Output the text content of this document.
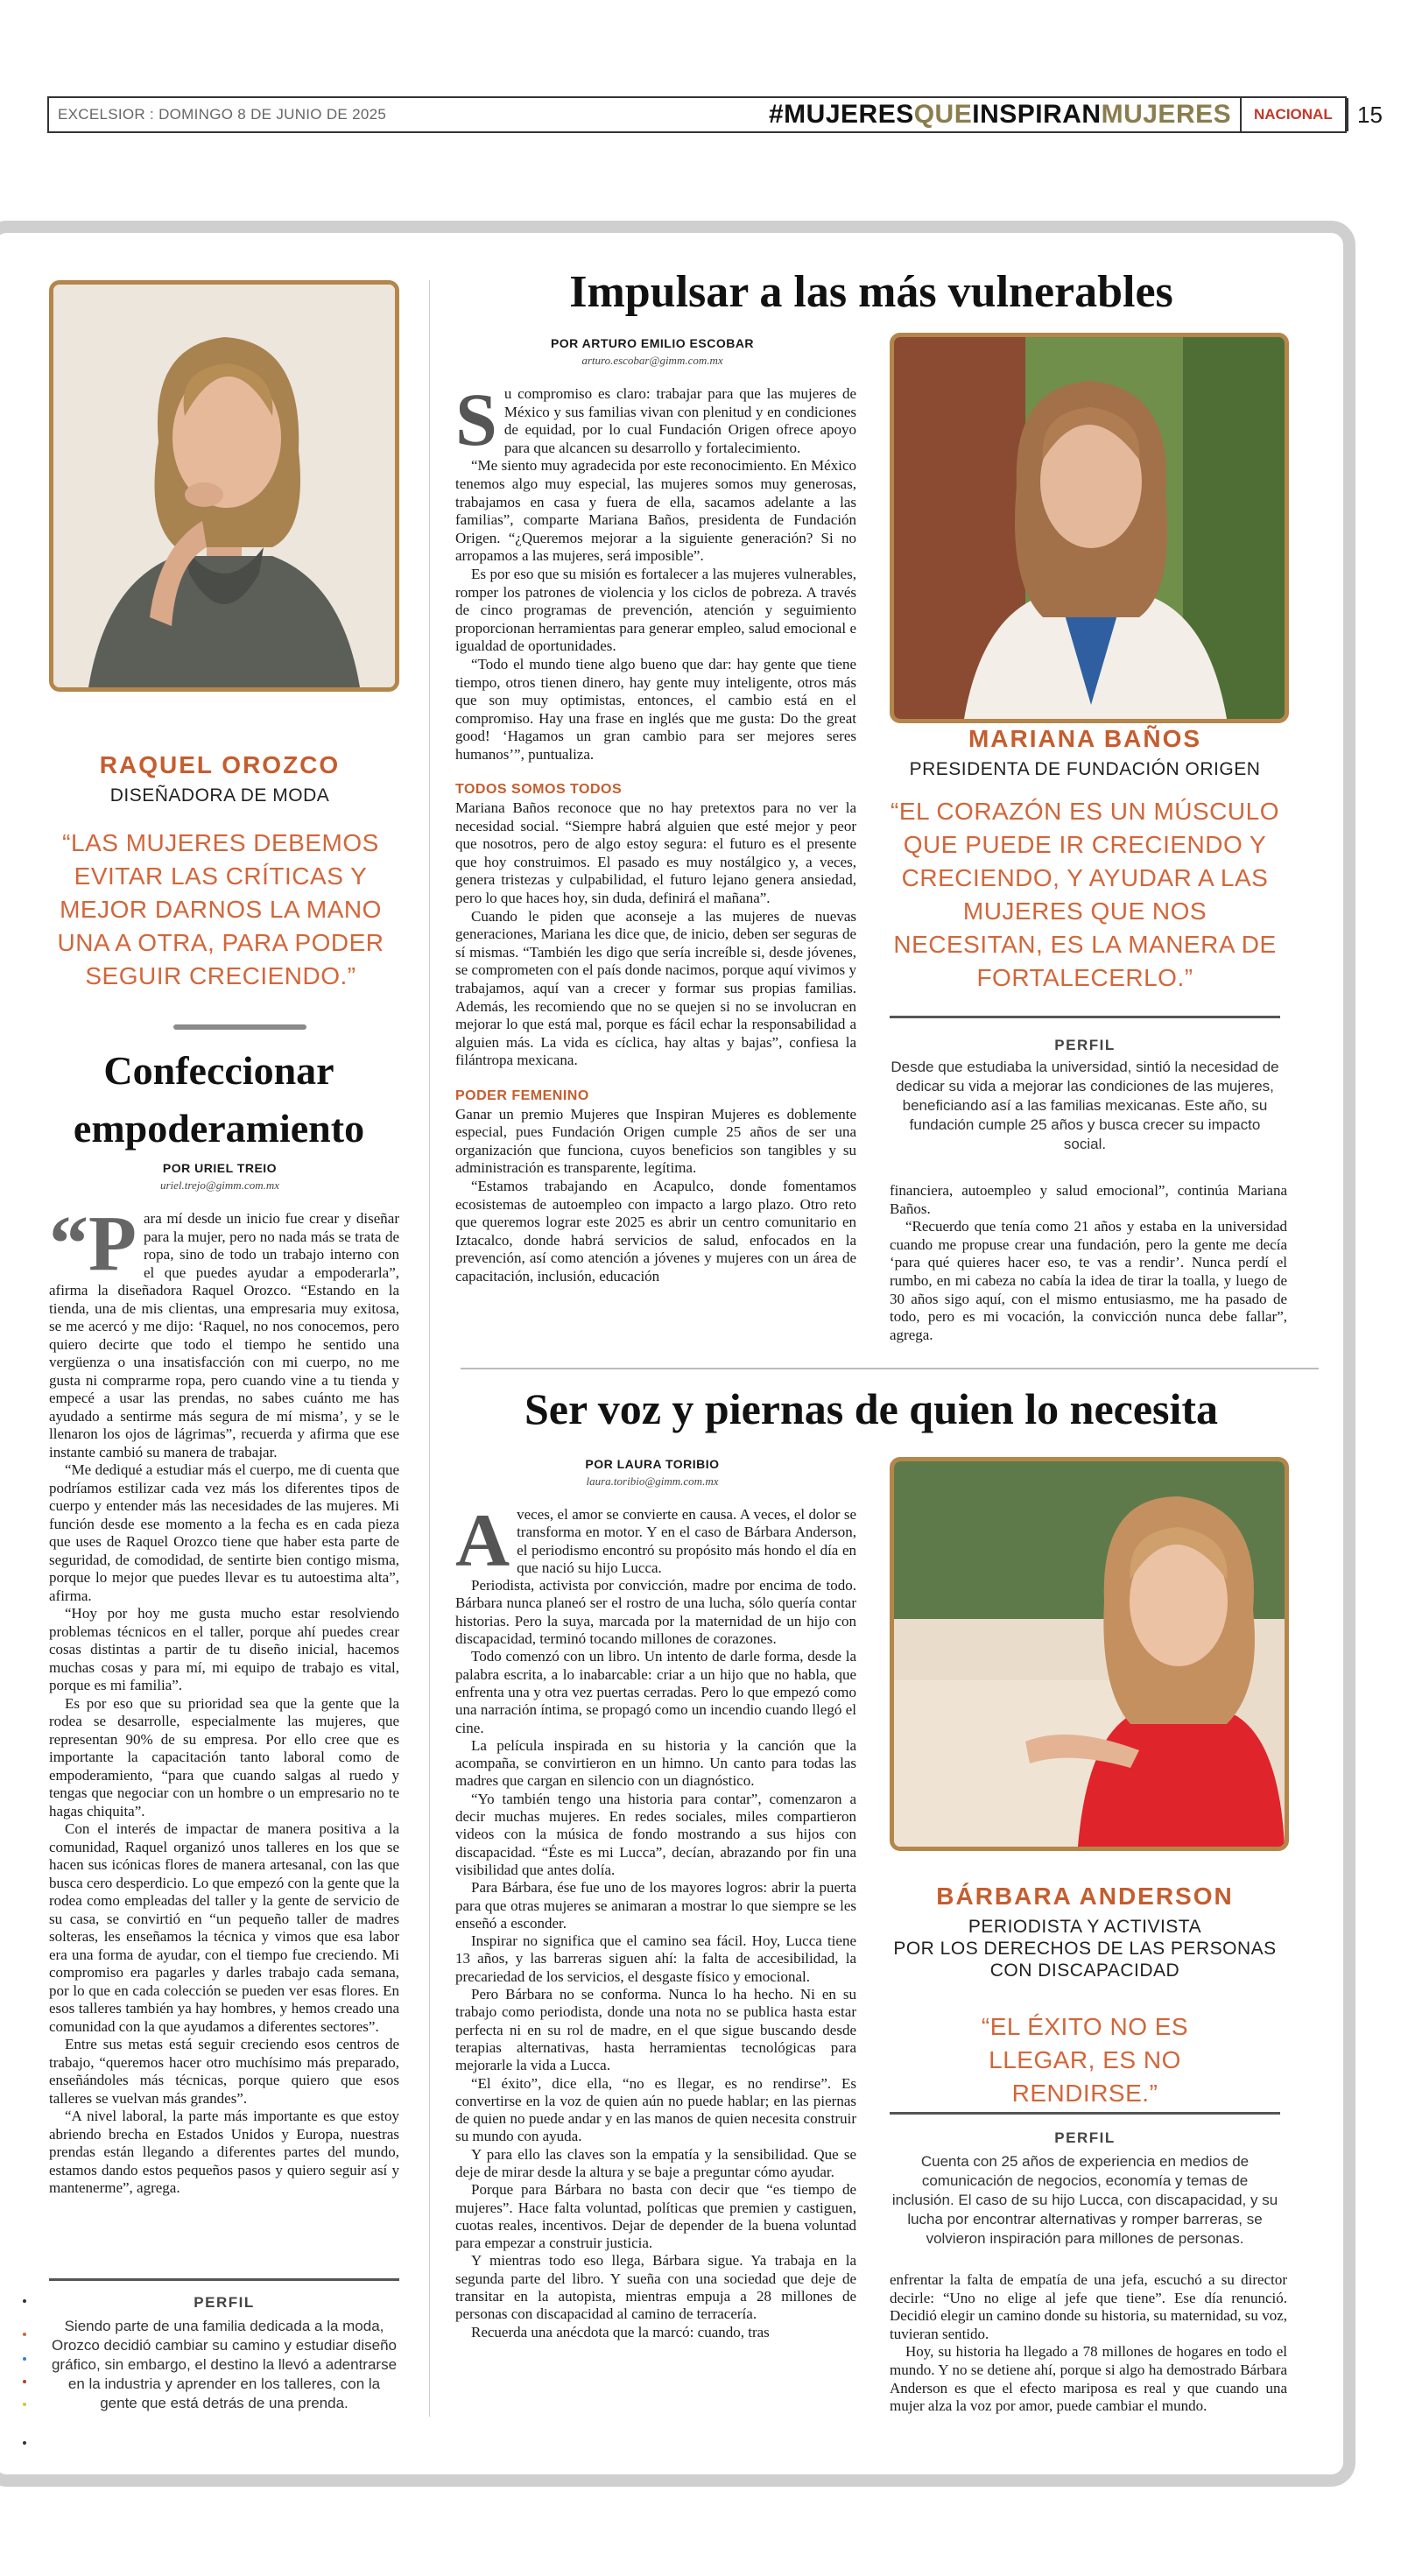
EXCELSIOR : DOMINGO 8 DE JUNIO DE 2025	#MUJERESQUEINSPIRANMUJERES NACIONAL 15
RAQUEL OROZCO
DISEÑADORA DE MODA
“LAS MUJERES DEBEMOS EVITAR LAS CRÍTICAS Y MEJOR DARNOS LA MANO UNA A OTRA, PARA PODER SEGUIR CRECIENDO.”
Confeccionar empoderamiento
POR URIEL TREIO
uriel.trejo@gimm.com.mx
“P ara mí desde un inicio fue crear y diseñar para la mujer, pero no nada más se trata de ropa, sino de todo un trabajo interno con el que puedes ayudar a empoderarla”, afirma la diseñadora Raquel Orozco. “Estando en la tienda, una de mis clientas, una empresaria muy exitosa, se me acercó y me dijo: ‘Raquel, no nos conocemos, pero quiero decirte que todo el tiempo he sentido una vergüenza o una insatisfacción con mi cuerpo, no me gusta ni comprarme ropa, pero cuando vine a tu tienda y empecé a usar las prendas, no sabes cuánto me has ayudado a sentirme más segura de mí misma’, y se le llenaron los ojos de lágrimas”, recuerda y afirma que ese instante cambió su manera de trabajar.

“Me dediqué a estudiar más el cuerpo, me di cuenta que podríamos estilizar cada vez más los diferentes tipos de cuerpo y entender más las necesidades de las mujeres. Mi función desde ese momento a la fecha es en cada pieza que uses de Raquel Orozco tiene que haber esta parte de seguridad, de comodidad, de sentirte bien contigo misma, porque lo mejor que puedes llevar es tu autoestima alta”, afirma.

“Hoy por hoy me gusta mucho estar resolviendo problemas técnicos en el taller, porque ahí puedes crear cosas distintas a partir de tu diseño inicial, hacemos muchas cosas y para mí, mi equipo de trabajo es vital, porque es mi familia”.

Es por eso que su prioridad sea que la gente que la rodea se desarrolle, especialmente las mujeres, que representan 90% de su empresa. Por ello cree que es importante la capacitación tanto laboral como de empoderamiento, “para que cuando salgas al ruedo y tengas que negociar con un hombre o un empresario no te hagas chiquita”.

Con el interés de impactar de manera positiva a la comunidad, Raquel organizó unos talleres en los que se hacen sus icónicas flores de manera artesanal, con las que busca cero desperdicio. Lo que empezó con la gente que la rodea como empleadas del taller y la gente de servicio de su casa, se convirtió en “un pequeño taller de madres solteras, les enseñamos la técnica y vimos que esa labor era una forma de ayudar, con el tiempo fue creciendo. Mi compromiso era pagarles y darles trabajo cada semana, por lo que en cada colección se pueden ver esas flores. En esos talleres también ya hay hombres, y hemos creado una comunidad con la que ayudamos a diferentes sectores”.

Entre sus metas está seguir creciendo esos centros de trabajo, “queremos hacer otro muchísimo más preparado, enseñándoles más técnicas, porque quiero que esos talleres se vuelvan más grandes”.

“A nivel laboral, la parte más importante es que estoy abriendo brecha en Estados Unidos y Europa, nuestras prendas están llegando a diferentes partes del mundo, estamos dando estos pequeños pasos y quiero seguir así y mantenerme”, agrega.

PERFIL
Siendo parte de una familia dedicada a la moda, Orozco decidió cambiar su camino y estudiar diseño gráfico, sin embargo, el destino la llevó a adentrarse en la industria y aprender en los talleres, con la gente que está detrás de una prenda.
Impulsar a las más vulnerables
POR ARTURO EMILIO ESCOBAR
arturo.escobar@gimm.com.mx
S u compromiso es claro: trabajar para que las mujeres de México y sus familias vivan con plenitud y en condiciones de equidad, por lo cual Fundación Origen ofrece apoyo para que alcancen su desarrollo y fortalecimiento.

“Me siento muy agradecida por este reconocimiento. En México tenemos algo muy especial, las mujeres somos muy generosas, trabajamos en casa y fuera de ella, sacamos adelante a las familias”, comparte Mariana Baños, presidenta de Fundación Origen. “¿Queremos mejorar a la siguiente generación? Si no arropamos a las mujeres, será imposible”.

Es por eso que su misión es fortalecer a las mujeres vulnerables, romper los patrones de violencia y los ciclos de pobreza. A través de cinco programas de prevención, atención y seguimiento proporcionan herramientas para generar empleo, salud emocional e igualdad de oportunidades.

“Todo el mundo tiene algo bueno que dar: hay gente que tiene tiempo, otros tienen dinero, hay gente muy inteligente, otros más que son muy optimistas, entonces, el cambio está en el compromiso. Hay una frase en inglés que me gusta: Do the great good! ‘Hagamos un gran cambio para ser mejores seres humanos’”, puntualiza.

TODOS SOMOS TODOS

Mariana Baños reconoce que no hay pretextos para no ver la necesidad social. “Siempre habrá alguien que esté mejor y peor que nosotros, pero de algo estoy segura: el futuro es el presente que hoy construimos. El pasado es muy nostálgico y, a veces, genera tristezas y culpabilidad, el futuro lejano genera ansiedad, pero lo que haces hoy, sin duda, definirá el mañana”.

Cuando le piden que aconseje a las mujeres de nuevas generaciones, Mariana les dice que, de inicio, deben ser seguras de sí mismas. “También les digo que sería increíble si, desde jóvenes, se comprometen con el país donde nacimos, porque aquí vivimos y trabajamos, aquí van a crecer y formar sus propias familias. Además, les recomiendo que no se quejen si no se involucran en mejorar lo que está mal, porque es fácil echar la responsabilidad a alguien más. La vida es cíclica, hay altas y bajas”, confiesa la filántropa mexicana.

PODER FEMENINO

Ganar un premio Mujeres que Inspiran Mujeres es doblemente especial, pues Fundación Origen cumple 25 años de ser una organización que funciona, cuyos beneficios son tangibles y su administración es transparente, legítima.

“Estamos trabajando en Acapulco, donde fomentamos ecosistemas de autoempleo con impacto a largo plazo. Otro reto que queremos lograr este 2025 es abrir un centro comunitario en Iztacalco, donde habrá servicios de salud, enfocados en la prevención, así como atención a jóvenes y mujeres con un área de capacitación, inclusión, educación

MARIANA BAÑOS
PRESIDENTA DE FUNDACIÓN ORIGEN
“EL CORAZÓN ES UN MÚSCULO QUE PUEDE IR CRECIENDO Y CRECIENDO, Y AYUDAR A LAS MUJERES QUE NOS NECESITAN, ES LA MANERA DE FORTALECERLO.”
PERFIL
Desde que estudiaba la universidad, sintió la necesidad de dedicar su vida a mejorar las condiciones de las mujeres, beneficiando así a las familias mexicanas. Este año, su fundación cumple 25 años y busca crecer su impacto social.

financiera, autoempleo y salud emocional”, continúa Mariana Baños.

“Recuerdo que tenía como 21 años y estaba en la universidad cuando me propuse crear una fundación, pero la gente me decía ‘para qué quieres hacer eso, te vas a rendir’. Nunca perdí el rumbo, en mi cabeza no cabía la idea de tirar la toalla, y luego de 30 años sigo aquí, con el mismo entusiasmo, me ha pasado de todo, pero es mi vocación, la convicción nunca debe fallar”, agrega.

Ser voz y piernas de quien lo necesita
POR LAURA TORIBIO
laura.toribio@gimm.com.mx
A veces, el amor se convierte en causa. A veces, el dolor se transforma en motor. Y en el caso de Bárbara Anderson, el periodismo encontró su propósito más hondo el día en que nació su hijo Lucca.

Periodista, activista por convicción, madre por encima de todo. Bárbara nunca planeó ser el rostro de una lucha, sólo quería contar historias. Pero la suya, marcada por la maternidad de un hijo con discapacidad, terminó tocando millones de corazones.

Todo comenzó con un libro. Un intento de darle forma, desde la palabra escrita, a lo inabarcable: criar a un hijo que no habla, que enfrenta una y otra vez puertas cerradas. Pero lo que empezó como una narración íntima, se propagó como un incendio cuando llegó el cine.

La película inspirada en su historia y la canción que la acompaña, se convirtieron en un himno. Un canto para todas las madres que cargan en silencio con un diagnóstico.

“Yo también tengo una historia para contar”, comenzaron a decir muchas mujeres. En redes sociales, miles compartieron videos con la música de fondo mostrando a sus hijos con discapacidad. “Éste es mi Lucca”, decían, abrazando por fin una visibilidad que antes dolía.

Para Bárbara, ése fue uno de los mayores logros: abrir la puerta para que otras mujeres se animaran a mostrar lo que siempre se les enseñó a esconder.

Inspirar no significa que el camino sea fácil. Hoy, Lucca tiene 13 años, y las barreras siguen ahí: la falta de accesibilidad, la precariedad de los servicios, el desgaste físico y emocional.

Pero Bárbara no se conforma. Nunca lo ha hecho. Ni en su trabajo como periodista, donde una nota no se publica hasta estar perfecta ni en su rol de madre, en el que sigue buscando desde terapias alternativas, hasta herramientas tecnológicas para mejorarle la vida a Lucca.

“El éxito”, dice ella, “no es llegar, es no rendirse”. Es convertirse en la voz de quien aún no puede hablar; en las piernas de quien no puede andar y en las manos de quien necesita construir su mundo con ayuda.

Y para ello las claves son la empatía y la sensibilidad. Que se deje de mirar desde la altura y se baje a preguntar cómo ayudar.

Porque para Bárbara no basta con decir que “es tiempo de mujeres”. Hace falta voluntad, políticas que premien y castiguen, cuotas reales, incentivos. Dejar de depender de la buena voluntad para empezar a construir justicia.

Y mientras todo eso llega, Bárbara sigue. Ya trabaja en la segunda parte del libro. Y sueña con una sociedad que deje de transitar en la autopista, mientras empuja a 28 millones de personas con discapacidad al camino de terracería.

Recuerda una anécdota que la marcó: cuando, tras

BÁRBARA ANDERSON
PERIODISTA Y ACTIVISTA
POR LOS DERECHOS DE LAS PERSONAS
CON DISCAPACIDAD
“EL ÉXITO NO ES LLEGAR, ES NO RENDIRSE.”
PERFIL
Cuenta con 25 años de experiencia en medios de comunicación de negocios, economía y temas de inclusión. El caso de su hijo Lucca, con discapacidad, y su lucha por encontrar alternativas y romper barreras, se volvieron inspiración para millones de personas.

enfrentar la falta de empatía de una jefa, escuchó a su director decirle: “Uno no elige al jefe que tiene”. Ese día renunció. Decidió elegir un camino donde su historia, su maternidad, su voz, tuvieran sentido.

Hoy, su historia ha llegado a 78 millones de hogares en todo el mundo. Y no se detiene ahí, porque si algo ha demostrado Bárbara Anderson es que el efecto mariposa es real y que cuando una mujer alza la voz por amor, puede cambiar el mundo.
